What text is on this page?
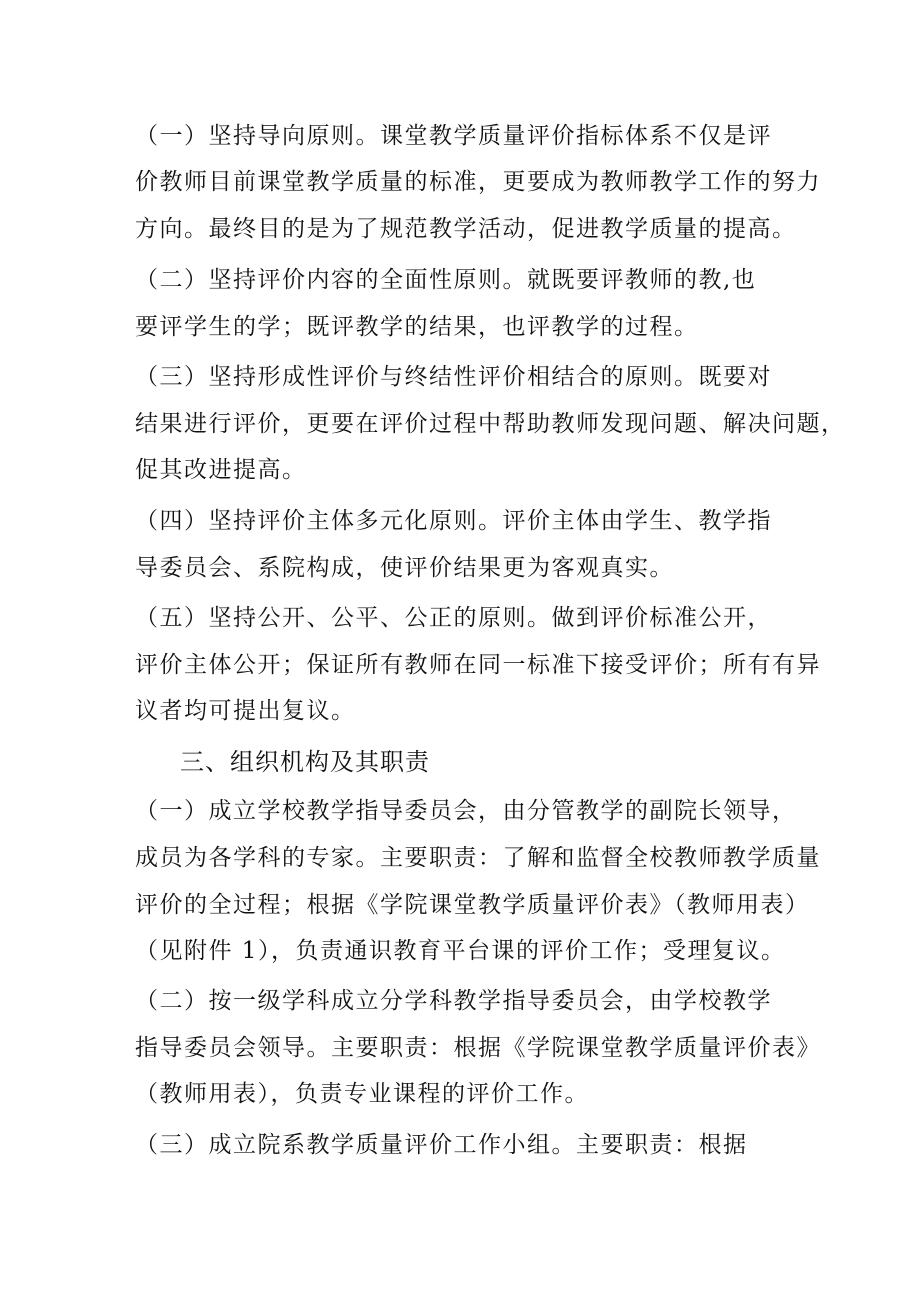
（一）坚持导向原则。课堂教学质量评价指标体系不仅是评
价教师目前课堂教学质量的标准，更要成为教师教学工作的努力
方向。最终目的是为了规范教学活动，促进教学质量的提高。
（二）坚持评价内容的全面性原则。就既要评教师的教,也
要评学生的学；既评教学的结果，也评教学的过程。
（三）坚持形成性评价与终结性评价相结合的原则。既要对
结果进行评价，更要在评价过程中帮助教师发现问题、解决问题，
促其改进提高。
（四）坚持评价主体多元化原则。评价主体由学生、教学指
导委员会、系院构成，使评价结果更为客观真实。
（五）坚持公开、公平、公正的原则。做到评价标准公开，
评价主体公开；保证所有教师在同一标准下接受评价；所有有异
议者均可提出复议。
三、组织机构及其职责
（一）成立学校教学指导委员会，由分管教学的副院长领导，
成员为各学科的专家。主要职责：了解和监督全校教师教学质量
评价的全过程；根据《学院课堂教学质量评价表》（教师用表）
（见附件 1），负责通识教育平台课的评价工作；受理复议。
（二）按一级学科成立分学科教学指导委员会，由学校教学
指导委员会领导。主要职责：根据《学院课堂教学质量评价表》
（教师用表），负责专业课程的评价工作。
（三）成立院系教学质量评价工作小组。主要职责：根据
